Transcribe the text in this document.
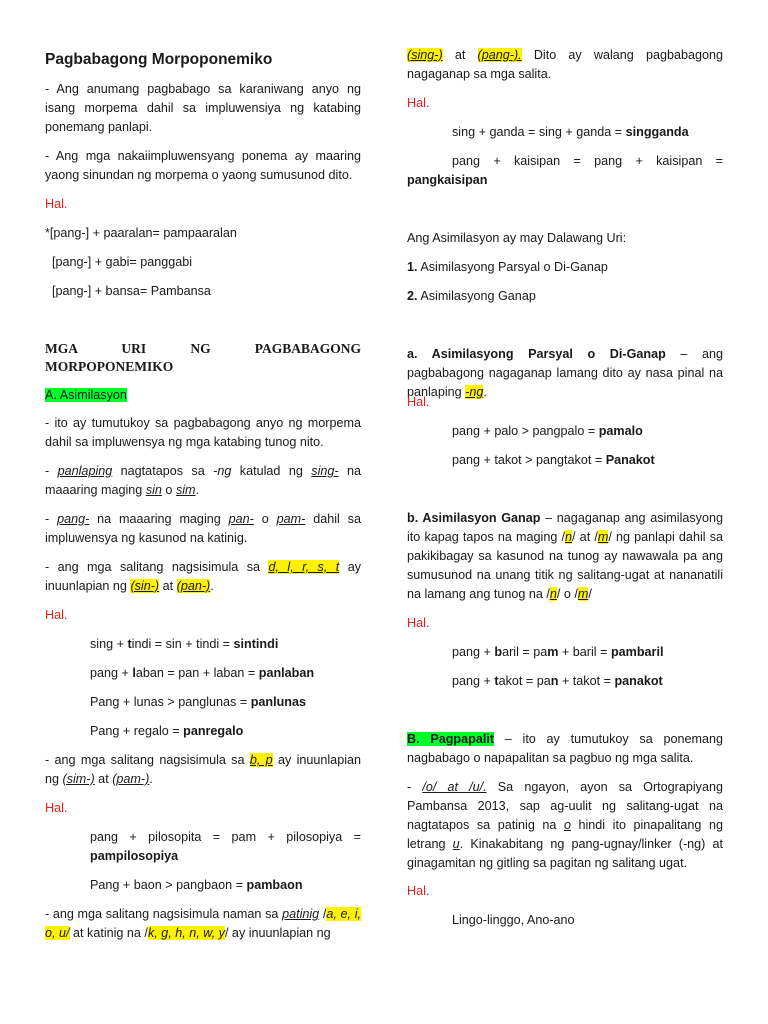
Pagbabagong Morpoponemiko
- Ang anumang pagbabago sa karaniwang anyo ng isang morpema dahil sa impluwensiya ng katabing ponemang panlapi.
- Ang mga nakaiimpluwensyang ponema ay maaring yaong sinundan ng morpema o yaong sumusunod dito.
Hal.
*[pang-] + paaralan= pampaaralan
[pang-] + gabi= panggabi
[pang-] + bansa= Pambansa
MGA URI NG PAGBABAGONG
MORPOPONEMIKO
A. Asimilasyon
- ito ay tumutukoy sa pagbabagong anyo ng morpema dahil sa impluwensya ng mga katabing tunog nito.
- panlaping nagtatapos sa -ng katulad ng sing- na maaaring maging sin o sim.
- pang- na maaaring maging pan- o pam- dahil sa impluwensya ng kasunod na katinig.
- ang mga salitang nagsisimula sa d, l, r, s, t ay inuunlapian ng (sin-) at (pan-).
Hal.
sing + tindi = sin + tindi = sintindi
pang + laban = pan + laban = panlaban
Pang + lunas > panglunas = panlunas
Pang + regalo = panregalo
- ang mga salitang nagsisimula sa b, p ay inuunlapian ng (sim-) at (pam-).
Hal.
pang + pilosopita = pam + pilosopiya =
pampilosopiya
Pang + baon > pangbaon = pambaon
- ang mga salitang nagsisimula naman sa patinig /a, e, i, o, u/ at katinig na /k, g, h, n, w, y/ ay inuunlapian ng
(sing-) at (pang-). Dito ay walang pagbabagong nagaganap sa mga salita.
Hal.
sing + ganda = sing + ganda = singganda
pang + kaisipan = pang + kaisipan =
pangkaisipan
Ang Asimilasyon ay may Dalawang Uri:
1. Asimilasyong Parsyal o Di-Ganap
2. Asimilasyong Ganap
a. Asimilasyong Parsyal o Di-Ganap – ang pagbabagong nagaganap lamang dito ay nasa pinal na panlaping -ng.
Hal.
pang + palo > pangpalo = pamalo
pang + takot > pangtakot = Panakot
b. Asimilasyon Ganap – nagaganap ang asimilasyong ito kapag tapos na maging /n/ at /m/ ng panlapi dahil sa pakikibagay sa kasunod na tunog ay nawawala pa ang sumusunod na unang titik ng salitang-ugat at nananatili na lamang ang tunog na /n/ o /m/
Hal.
pang + baril = pam + baril = pambaril
pang + takot = pan + takot = panakot
B. Pagpapalit – ito ay tumutukoy sa ponemang nagbabago o napapalitan sa pagbuo ng mga salita.
- /o/ at /u/. Sa ngayon, ayon sa Ortograpiyang Pambansa 2013, sap ag-uulit ng salitang-ugat na nagtatapos sa patinig na o hindi ito pinapalitang ng letrang u. Kinakabitang ng pang-ugnay/linker (-ng) at ginagamitan ng gitling sa pagitan ng salitang ugat.
Hal.
Lingo-linggo, Ano-ano
